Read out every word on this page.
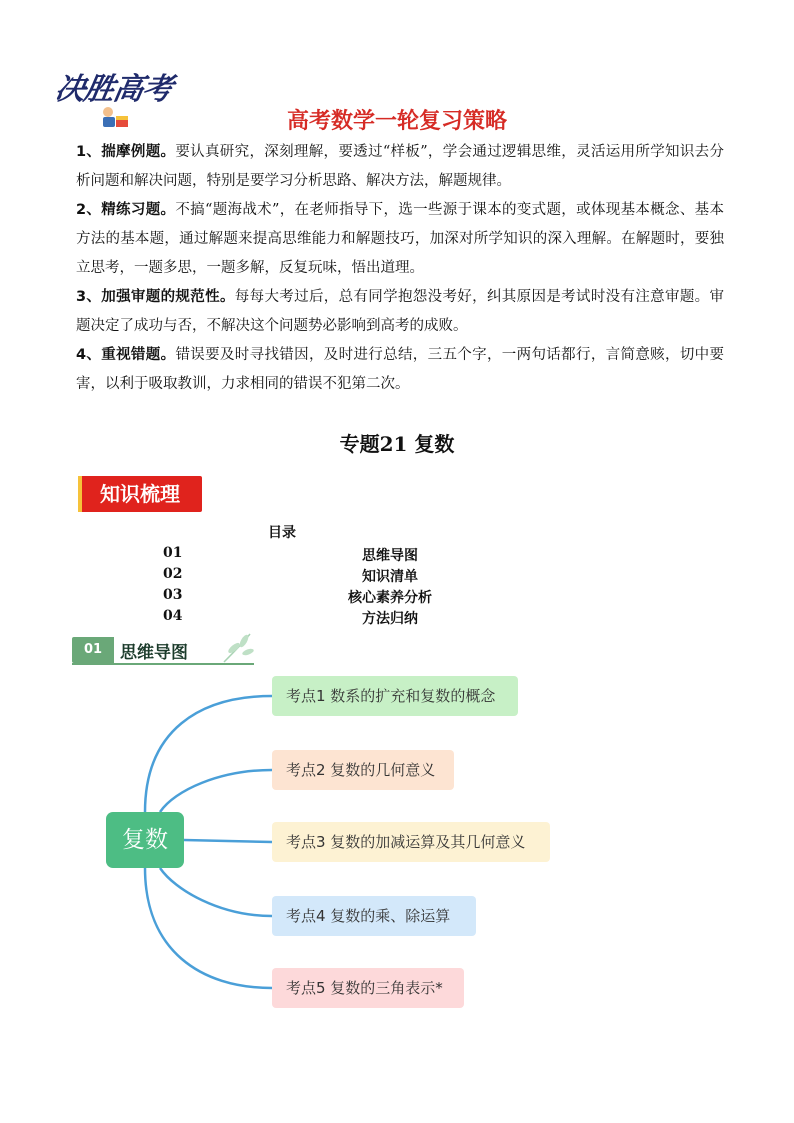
决胜高考
高考数学一轮复习策略

1、揣摩例题。要认真研究，深刻理解，要透过“样板”，学会通过逻辑思维，灵活运用所学知识去分析问题和解决问题，特别是要学习分析思路、解决方法，解题规律。

2、精练习题。不搞“题海战术”，在老师指导下，选一些源于课本的变式题，或体现基本概念、基本方法的基本题，通过解题来提高思维能力和解题技巧，加深对所学知识的深入理解。在解题时，要独立思考，一题多思，一题多解，反复玩味，悟出道理。

3、加强审题的规范性。每每大考过后，总有同学抱怨没考好，纠其原因是考试时没有注意审题。审题决定了成功与否，不解决这个问题势必影响到高考的成败。

4、重视错题。错误要及时寻找错因，及时进行总结，三五个字，一两句话都行，言简意赅，切中要害，以利于吸取教训，力求相同的错误不犯第二次。

专题21 复数
知识梳理
目录
01	思维导图
02	知识清单
03	核心素养分析
04	方法归纳
01	思维导图
复数
考点1 数系的扩充和复数的概念
考点2 复数的几何意义
考点3 复数的加减运算及其几何意义
考点4 复数的乘、除运算
考点5 复数的三角表示*
